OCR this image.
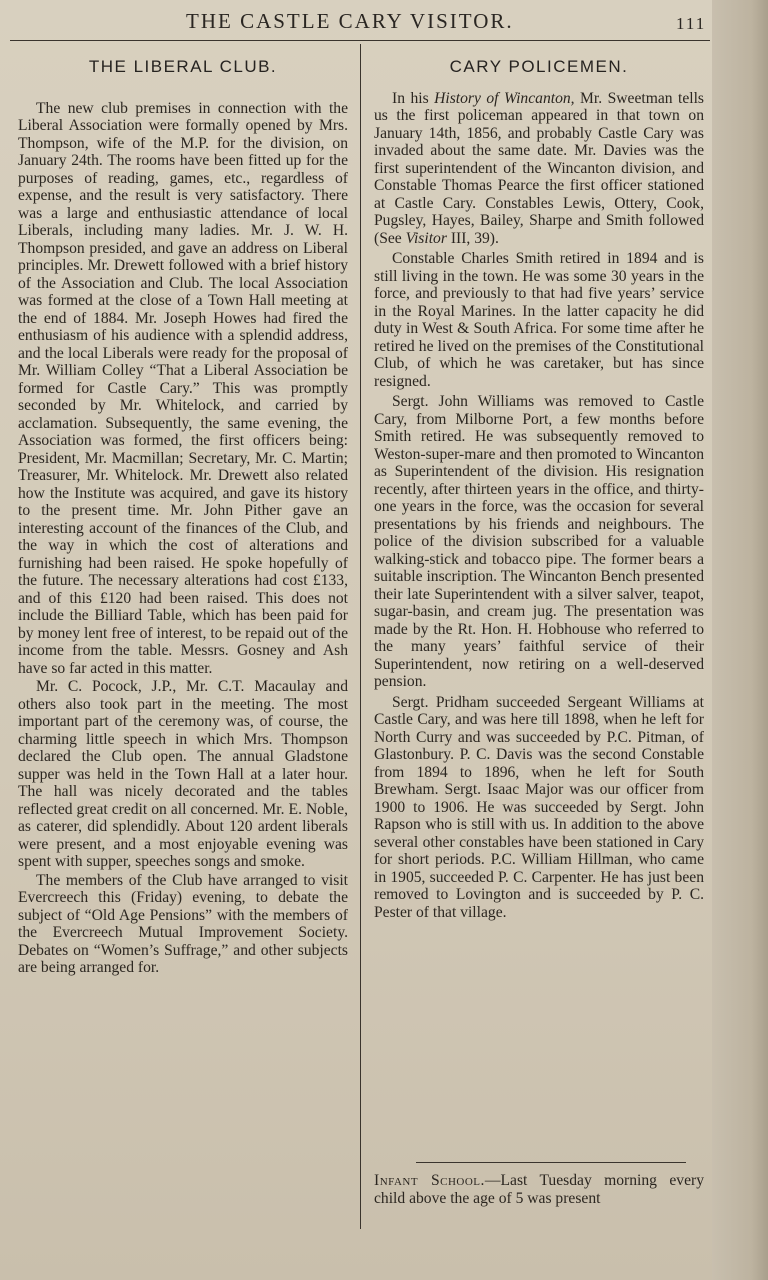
THE CASTLE CARY VISITOR.	111
THE LIBERAL CLUB.

The new club premises in connection with the Liberal Association were formally opened by Mrs. Thompson, wife of the M.P. for the division, on January 24th. The rooms have been fitted up for the purposes of reading, games, etc., regardless of expense, and the result is very satisfactory. There was a large and enthusiastic attendance of local Liberals, including many ladies. Mr. J. W. H. Thompson presided, and gave an address on Liberal principles. Mr. Drewett followed with a brief history of the Association and Club. The local Association was formed at the close of a Town Hall meeting at the end of 1884. Mr. Joseph Howes had fired the enthusiasm of his audience with a splendid address, and the local Liberals were ready for the proposal of Mr. William Colley “That a Liberal Association be formed for Castle Cary.” This was promptly seconded by Mr. Whitelock, and carried by acclamation. Subsequently, the same evening, the Association was formed, the first officers being: President, Mr. Macmillan; Secretary, Mr. C. Martin; Treasurer, Mr. Whitelock. Mr. Drewett also related how the Institute was acquired, and gave its history to the present time. Mr. John Pither gave an interesting account of the finances of the Club, and the way in which the cost of alterations and furnishing had been raised. He spoke hopefully of the future. The necessary alterations had cost £133, and of this £120 had been raised. This does not include the Billiard Table, which has been paid for by money lent free of interest, to be repaid out of the income from the table. Messrs. Gosney and Ash have so far acted in this matter.

Mr. C. Pocock, J.P., Mr. C.T. Macaulay and others also took part in the meeting. The most important part of the ceremony was, of course, the charming little speech in which Mrs. Thompson declared the Club open. The annual Gladstone supper was held in the Town Hall at a later hour. The hall was nicely decorated and the tables reflected great credit on all concerned. Mr. E. Noble, as caterer, did splendidly. About 120 ardent liberals were present, and a most enjoyable evening was spent with supper, speeches songs and smoke.

The members of the Club have arranged to visit Evercreech this (Friday) evening, to debate the subject of “Old Age Pensions” with the members of the Evercreech Mutual Improvement Society. Debates on “Women’s Suffrage,” and other subjects are being arranged for.

CARY POLICEMEN.

In his History of Wincanton, Mr. Sweetman tells us the first policeman appeared in that town on January 14th, 1856, and probably Castle Cary was invaded about the same date. Mr. Davies was the first superintendent of the Wincanton division, and Constable Thomas Pearce the first officer stationed at Castle Cary. Constables Lewis, Ottery, Cook, Pugsley, Hayes, Bailey, Sharpe and Smith followed (See Visitor III, 39).

Constable Charles Smith retired in 1894 and is still living in the town. He was some 30 years in the force, and previously to that had five years’ service in the Royal Marines. In the latter capacity he did duty in West & South Africa. For some time after he retired he lived on the premises of the Constitutional Club, of which he was caretaker, but has since resigned.

Sergt. John Williams was removed to Castle Cary, from Milborne Port, a few months before Smith retired. He was subsequently removed to Weston-super-mare and then promoted to Wincanton as Superintendent of the division. His resignation recently, after thirteen years in the office, and thirty-one years in the force, was the occasion for several presentations by his friends and neighbours. The police of the division subscribed for a valuable walking-stick and tobacco pipe. The former bears a suitable inscription. The Wincanton Bench presented their late Superintendent with a silver salver, teapot, sugar-basin, and cream jug. The presentation was made by the Rt. Hon. H. Hobhouse who referred to the many years’ faithful service of their Superintendent, now retiring on a well-deserved pension.

Sergt. Pridham succeeded Sergeant Williams at Castle Cary, and was here till 1898, when he left for North Curry and was succeeded by P.C. Pitman, of Glastonbury. P. C. Davis was the second Constable from 1894 to 1896, when he left for South Brewham. Sergt. Isaac Major was our officer from 1900 to 1906. He was succeeded by Sergt. John Rapson who is still with us. In addition to the above several other constables have been stationed in Cary for short periods. P.C. William Hillman, who came in 1905, succeeded P. C. Carpenter. He has just been removed to Lovington and is succeeded by P. C. Pester of that village.

Infant School.—Last Tuesday morning every child above the age of 5 was present
